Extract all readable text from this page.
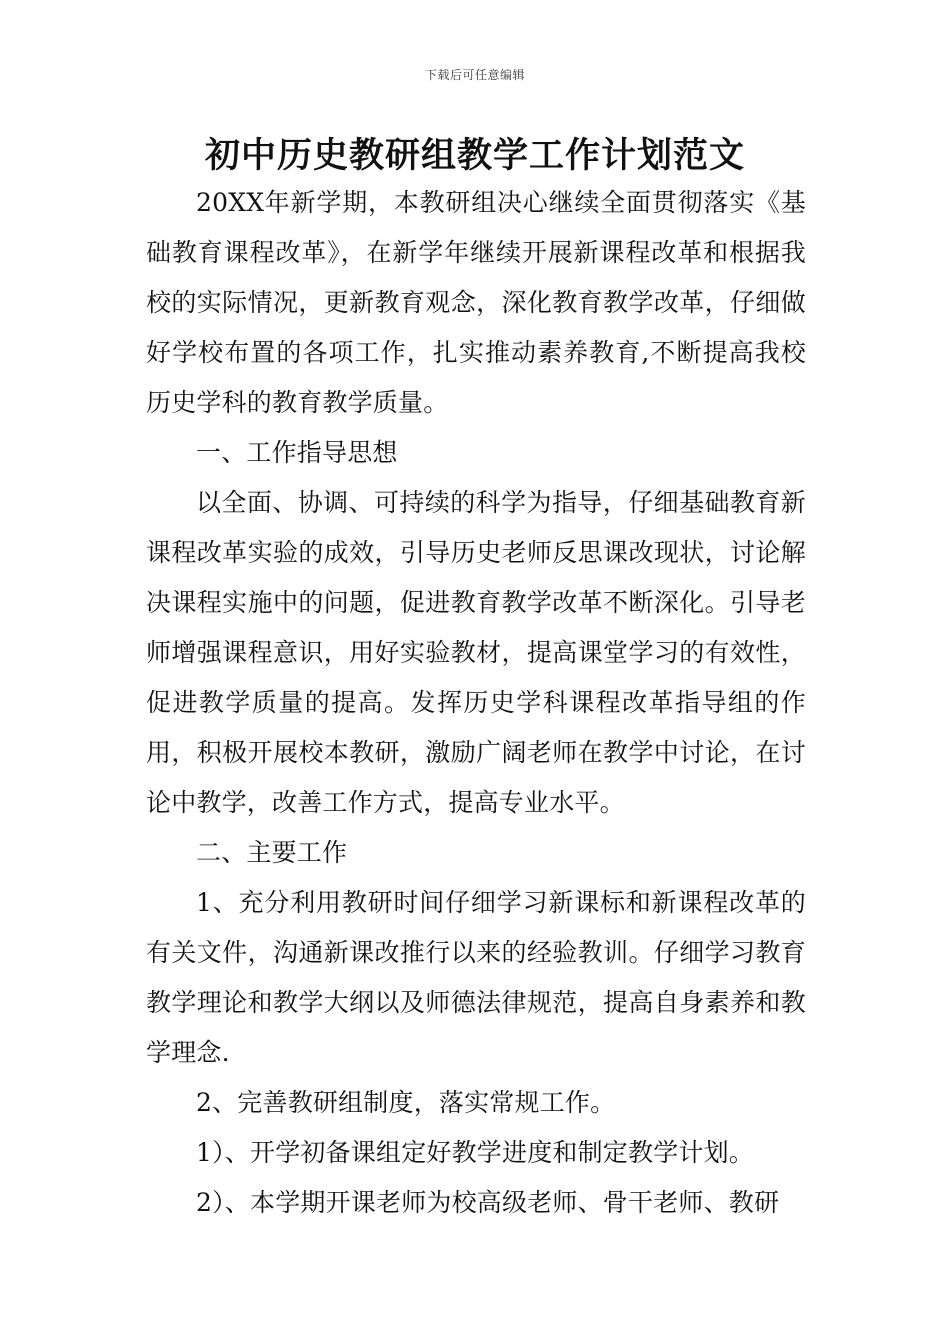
下载后可任意编辑
初中历史教研组教学工作计划范文

20XX年新学期，本教研组决心继续全面贯彻落实《基础教育课程改革》，在新学年继续开展新课程改革和根据我校的实际情况，更新教育观念，深化教育教学改革，仔细做好学校布置的各项工作，扎实推动素养教育,不断提高我校历史学科的教育教学质量。

一、工作指导思想

以全面、协调、可持续的科学为指导，仔细基础教育新课程改革实验的成效，引导历史老师反思课改现状，讨论解决课程实施中的问题，促进教育教学改革不断深化。引导老师增强课程意识，用好实验教材，提高课堂学习的有效性，促进教学质量的提高。发挥历史学科课程改革指导组的作用，积极开展校本教研，激励广阔老师在教学中讨论，在讨论中教学，改善工作方式，提高专业水平。

二、主要工作

1、充分利用教研时间仔细学习新课标和新课程改革的有关文件，沟通新课改推行以来的经验教训。仔细学习教育教学理论和教学大纲以及师德法律规范，提高自身素养和教学理念.

2、完善教研组制度，落实常规工作。

1）、开学初备课组定好教学进度和制定教学计划。

2）、本学期开课老师为校高级老师、骨干老师、教研
